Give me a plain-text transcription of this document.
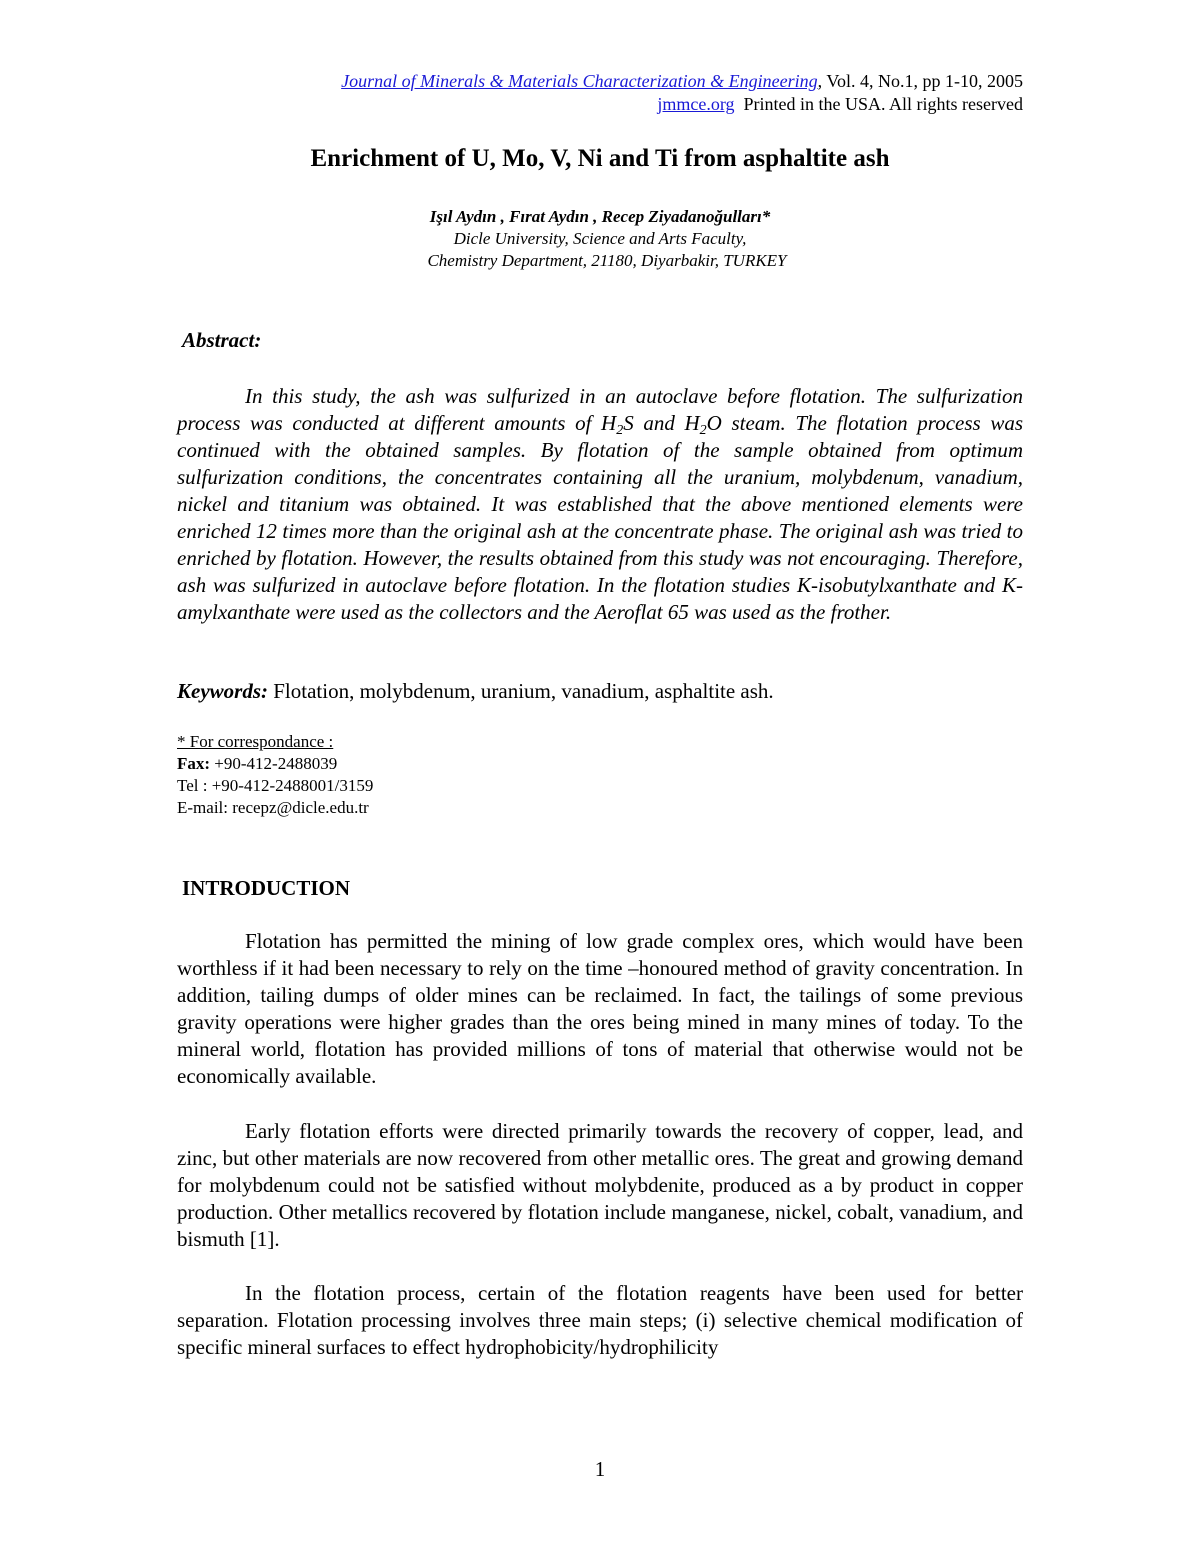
Journal of Minerals & Materials Characterization & Engineering, Vol. 4, No.1, pp 1-10, 2005
jmmce.org Printed in the USA. All rights reserved
Enrichment of U, Mo, V, Ni and Ti from asphaltite ash
Işıl Aydın , Fırat Aydın , Recep Ziyadanoğulları*
Dicle University, Science and Arts Faculty,
Chemistry Department, 21180, Diyarbakir, TURKEY
Abstract:

In this study, the ash was sulfurized in an autoclave before flotation. The sulfurization process was conducted at different amounts of $H_2S$ and $H_2O$ steam. The flotation process was continued with the obtained samples. By flotation of the sample obtained from optimum sulfurization conditions, the concentrates containing all the uranium, molybdenum, vanadium, nickel and titanium was obtained. It was established that the above mentioned elements were enriched 12 times more than the original ash at the concentrate phase. The original ash was tried to enriched by flotation. However, the results obtained from this study was not encouraging. Therefore, ash was sulfurized in autoclave before flotation. In the flotation studies K-isobutylxanthate and K-amylxanthate were used as the collectors and the Aeroflat 65 was used as the frother.

Keywords: Flotation, molybdenum, uranium, vanadium, asphaltite ash.
* For correspondance :
Fax: +90-412-2488039
Tel : +90-412-2488001/3159
E-mail: recepz@dicle.edu.tr
INTRODUCTION

Flotation has permitted the mining of low grade complex ores, which would have been worthless if it had been necessary to rely on the time –honoured method of gravity concentration. In addition, tailing dumps of older mines can be reclaimed. In fact, the tailings of some previous gravity operations were higher grades than the ores being mined in many mines of today. To the mineral world, flotation has provided millions of tons of material that otherwise would not be economically available.

Early flotation efforts were directed primarily towards the recovery of copper, lead, and zinc, but other materials are now recovered from other metallic ores. The great and growing demand for molybdenum could not be satisfied without molybdenite, produced as a by product in copper production. Other metallics recovered by flotation include manganese, nickel, cobalt, vanadium, and bismuth [1].

In the flotation process, certain of the flotation reagents have been used for better separation. Flotation processing involves three main steps; (i) selective chemical modification of specific mineral surfaces to effect hydrophobicity/hydrophilicity

1
